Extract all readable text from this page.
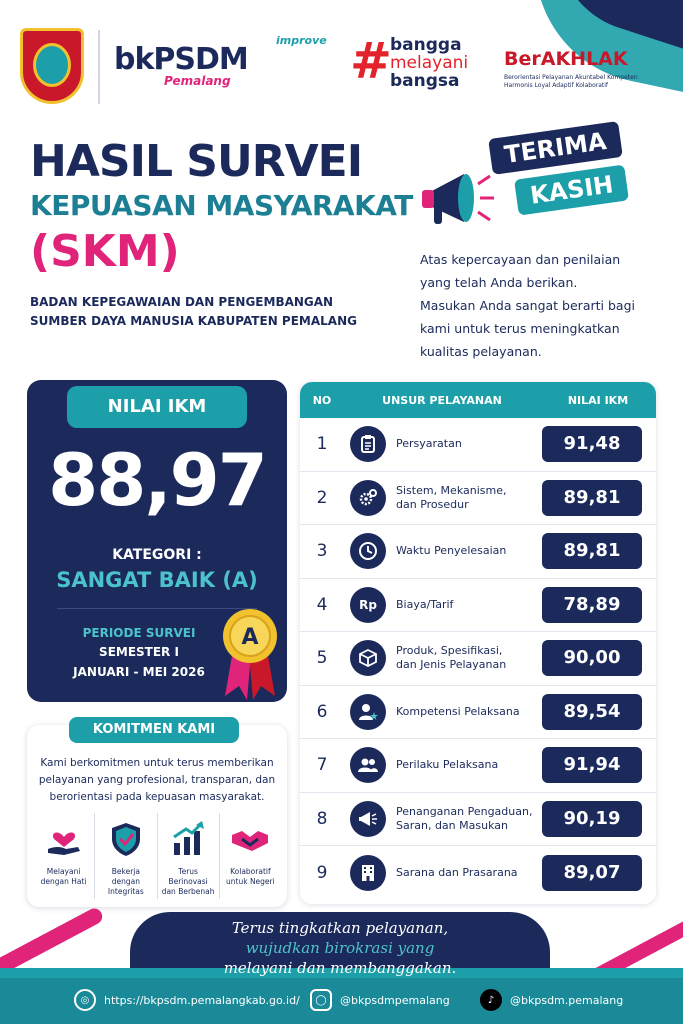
bkPSDM
improve
Pemalang #
bangga
melayani
bangsa
BerAKHLAK
Berorientasi Pelayanan Akuntabel Kompeten Harmonis Loyal Adaptif Kolaboratif
HASIL SURVEI
KEPUASAN MASYARAKAT
(SKM)
BADAN KEPEGAWAIAN DAN PENGEMBANGAN
SUMBER DAYA MANUSIA KABUPATEN PEMALANG
TERIMA
KASIH
Atas kepercayaan dan penilaian
yang telah Anda berikan.
Masukan Anda sangat berarti bagi
kami untuk terus meningkatkan
kualitas pelayanan.
NILAI IKM
88,97
KATEGORI :
SANGAT BAIK (A)
PERIODE SURVEI
SEMESTER I
JANUARI - MEI 2026
A
KOMITMEN KAMI
Kami berkomitmen untuk terus memberikan pelayanan yang profesional, transparan, dan berorientasi pada kepuasan masyarakat.
Melayani
dengan Hati
Bekerja
dengan Integritas
Terus Berinovasi
dan Berbenah
Kolaboratif
untuk Negeri
NO	UNSUR PELAYANAN	NILAI IKM
1	Persyaratan	91,48
2	Sistem, Mekanisme,
dan Prosedur	89,81
3	Waktu Penyelesaian	89,81
4	Rp	Biaya/Tarif	78,89
5	Produk, Spesifikasi,
dan Jenis Pelayanan	90,00
6	Kompetensi Pelaksana	89,54
7	Perilaku Pelaksana	91,94
8	Penanganan Pengaduan,
Saran, dan Masukan	90,19
9	Sarana dan Prasarana	89,07
Terus tingkatkan pelayanan,
wujudkan birokrasi yang
melayani dan membanggakan.
◎	https://bkpsdm.pemalangkab.go.id/	◯	@bkpsdmpemalang	♪	@bkpsdm.pemalang
